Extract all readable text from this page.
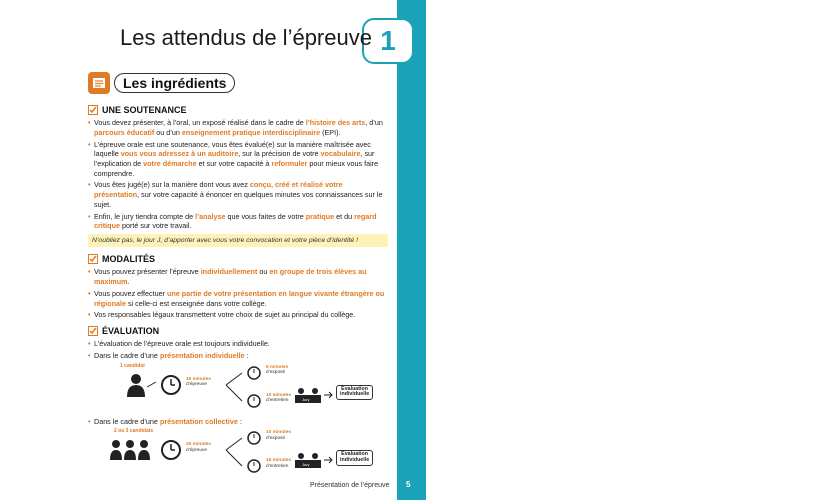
ORAL – PRÉSENTATION DE L’ÉPREUVE
1
Les attendus de l’épreuve
Les ingrédients
UNE SOUTENANCE
• Vous devez présenter, à l’oral, un exposé réalisé dans le cadre de l’histoire des arts, d’un parcours éducatif ou d’un enseignement pratique interdisciplinaire (EPI).
• L’épreuve orale est une soutenance, vous êtes évalué(e) sur la manière maîtrisée avec laquelle vous vous adressez à un auditoire, sur la précision de votre vocabulaire, sur l’explication de votre démarche et sur votre capacité à reformuler pour mieux vous faire comprendre.
• Vous êtes jugé(e) sur la manière dont vous avez conçu, créé et réalisé votre présentation, sur votre capacité à énoncer en quelques minutes vos connaissances sur le sujet.
• Enfin, le jury tiendra compte de l’analyse que vous faites de votre pratique et du regard critique porté sur votre travail.
N’oubliez pas, le jour J, d’apporter avec vous votre convocation et votre pièce d’identité !
MODALITÉS
• Vous pouvez présenter l’épreuve individuellement ou en groupe de trois élèves au maximum.
• Vous pouvez effectuer une partie de votre présentation en langue vivante étrangère ou régionale si celle-ci est enseignée dans votre collège.
• Vos responsables légaux transmettent votre choix de sujet au principal du collège.
ÉVALUATION
• L’évaluation de l’épreuve orale est toujours individuelle.
• Dans le cadre d’une présentation individuelle :
1 candidat
15 minutes
d’épreuve
5 minutes
d’exposé
10 minutes
d’entretien	Jury
Évaluation
individuelle
• Dans le cadre d’une présentation collective :
2 ou 3 candidats
25 minutes
d’épreuve
10 minutes
d’exposé
15 minutes
d’entretien	Jury
Évaluation
individuelle
Présentation de l’épreuve 5
